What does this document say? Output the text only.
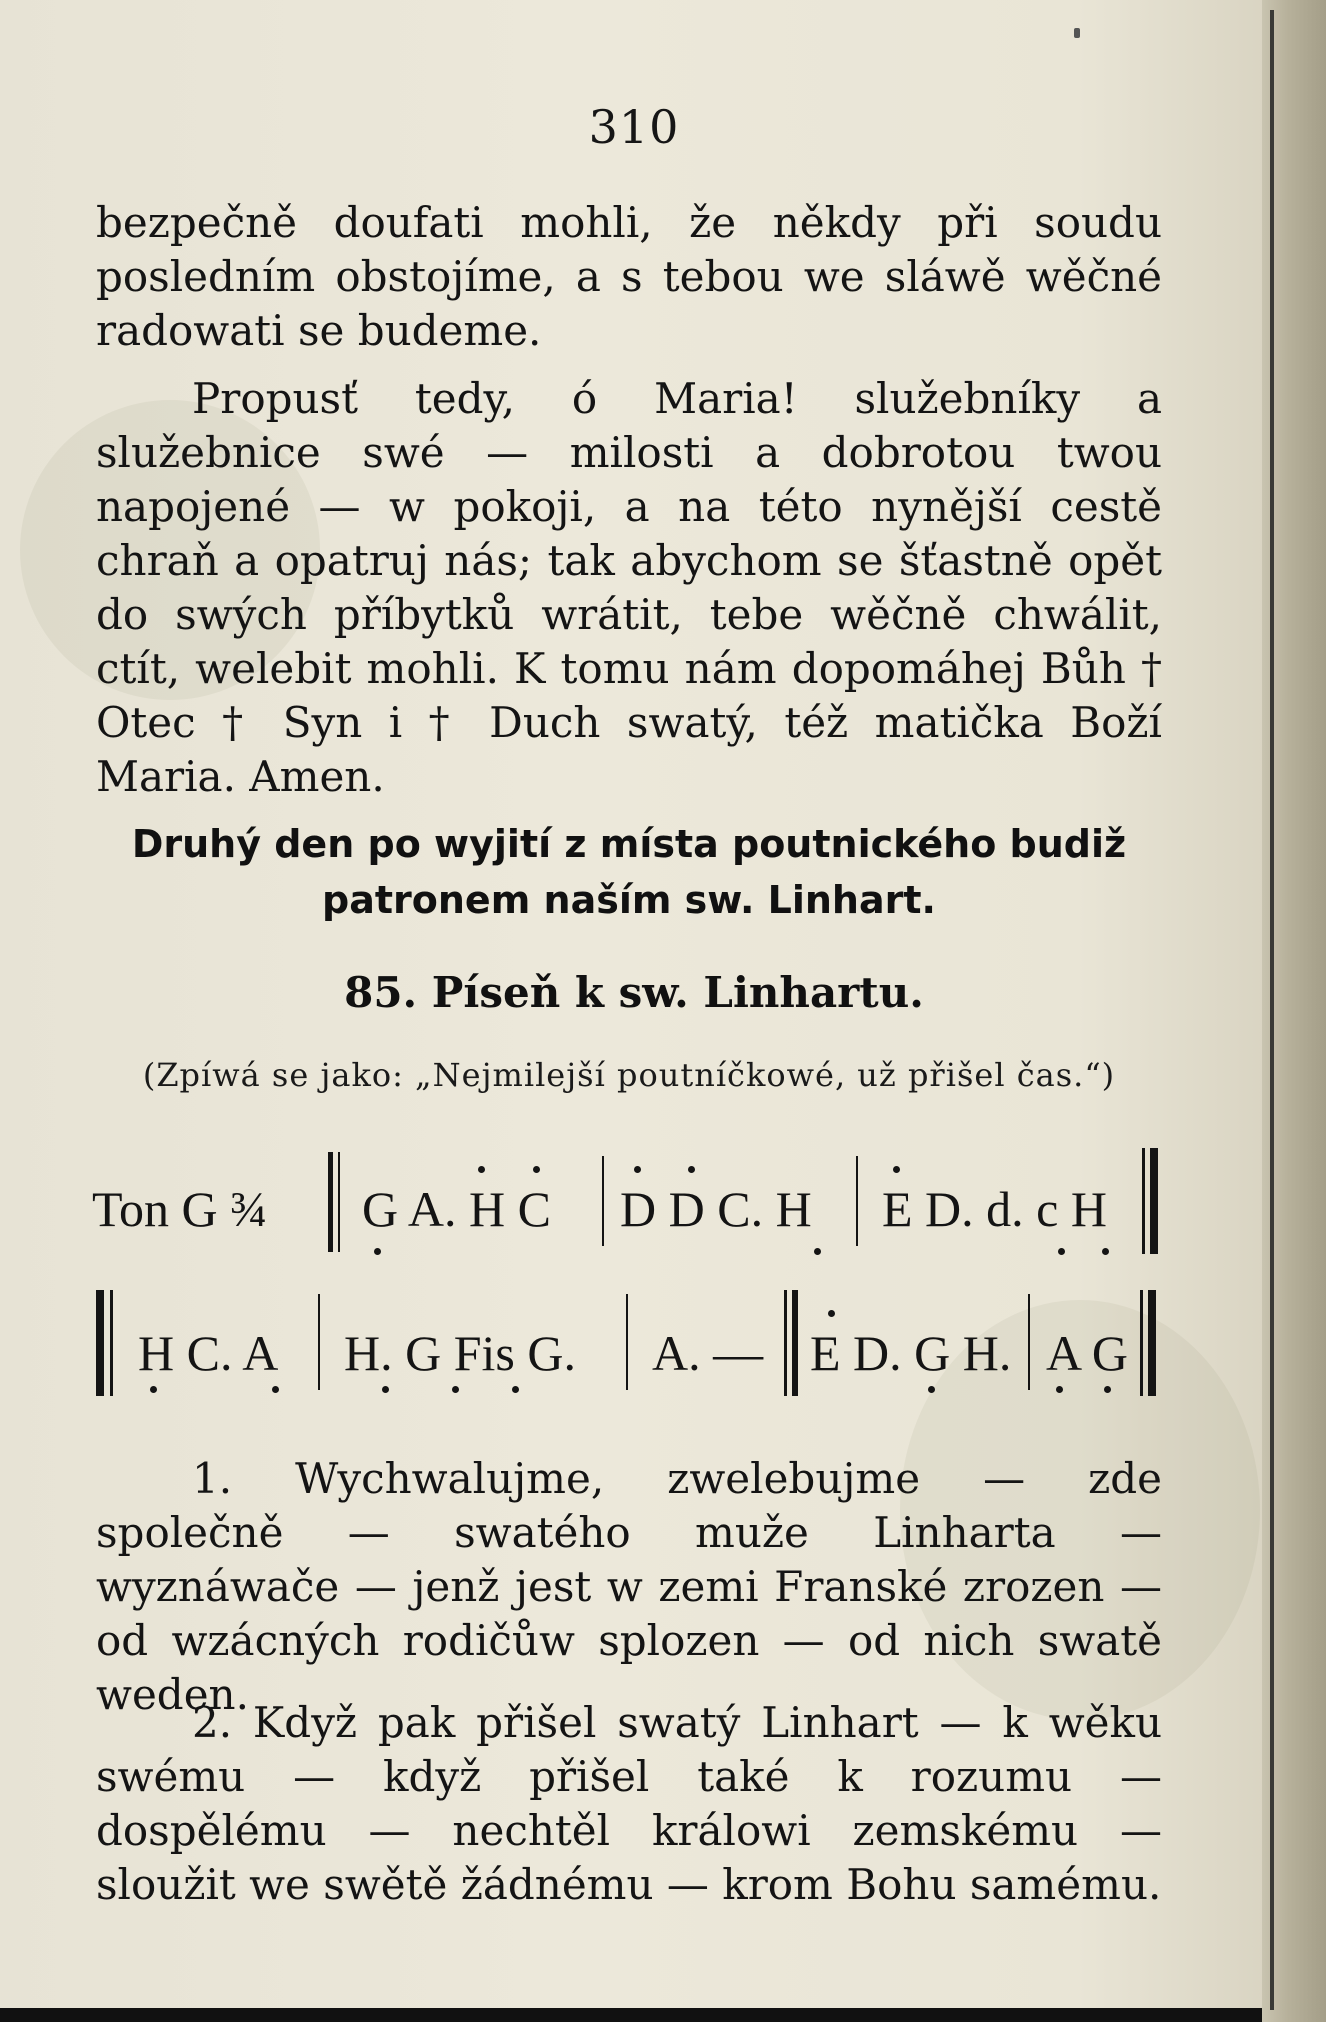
310
bezpečně doufati mohli, že někdy při soudu posledním obstojíme, a s tebou we sláwě wěčné radowati se budeme.
Propusť tedy, ó Maria! služebníky a služebnice swé — milosti a dobrotou twou napojené — w pokoji, a na této nynější cestě chraň a opatruj nás; tak abychom se šťastně opět do swých příbytků wrátit, tebe wěčně chwálit, ctít, welebit mohli. K tomu nám dopomáhej Bůh † Otec † Syn i † Duch swatý, též matička Boží Maria. Amen.
Druhý den po wyjití z místa poutnického budiž patronem naším sw. Linhart.
85. Píseň k sw. Linhartu.
(Zpíwá se jako: „Nejmilejší poutníčkowé, už přišel čas.“)
Ton G ¾ G A. H C D D C. H E D. d. c H
H C. A H. G Fis G. A. — E D. G H. A G
1. Wychwalujme, zwelebujme — zde společně — swatého muže Linharta — wyznáwače — jenž jest w zemi Franské zrozen — od wzácných rodičůw splozen — od nich swatě weden.
2. Když pak přišel swatý Linhart — k wěku swému — když přišel také k rozumu — dospělému — nechtěl králowi zemskému — sloužit we swětě žádnému — krom Bohu samému.
